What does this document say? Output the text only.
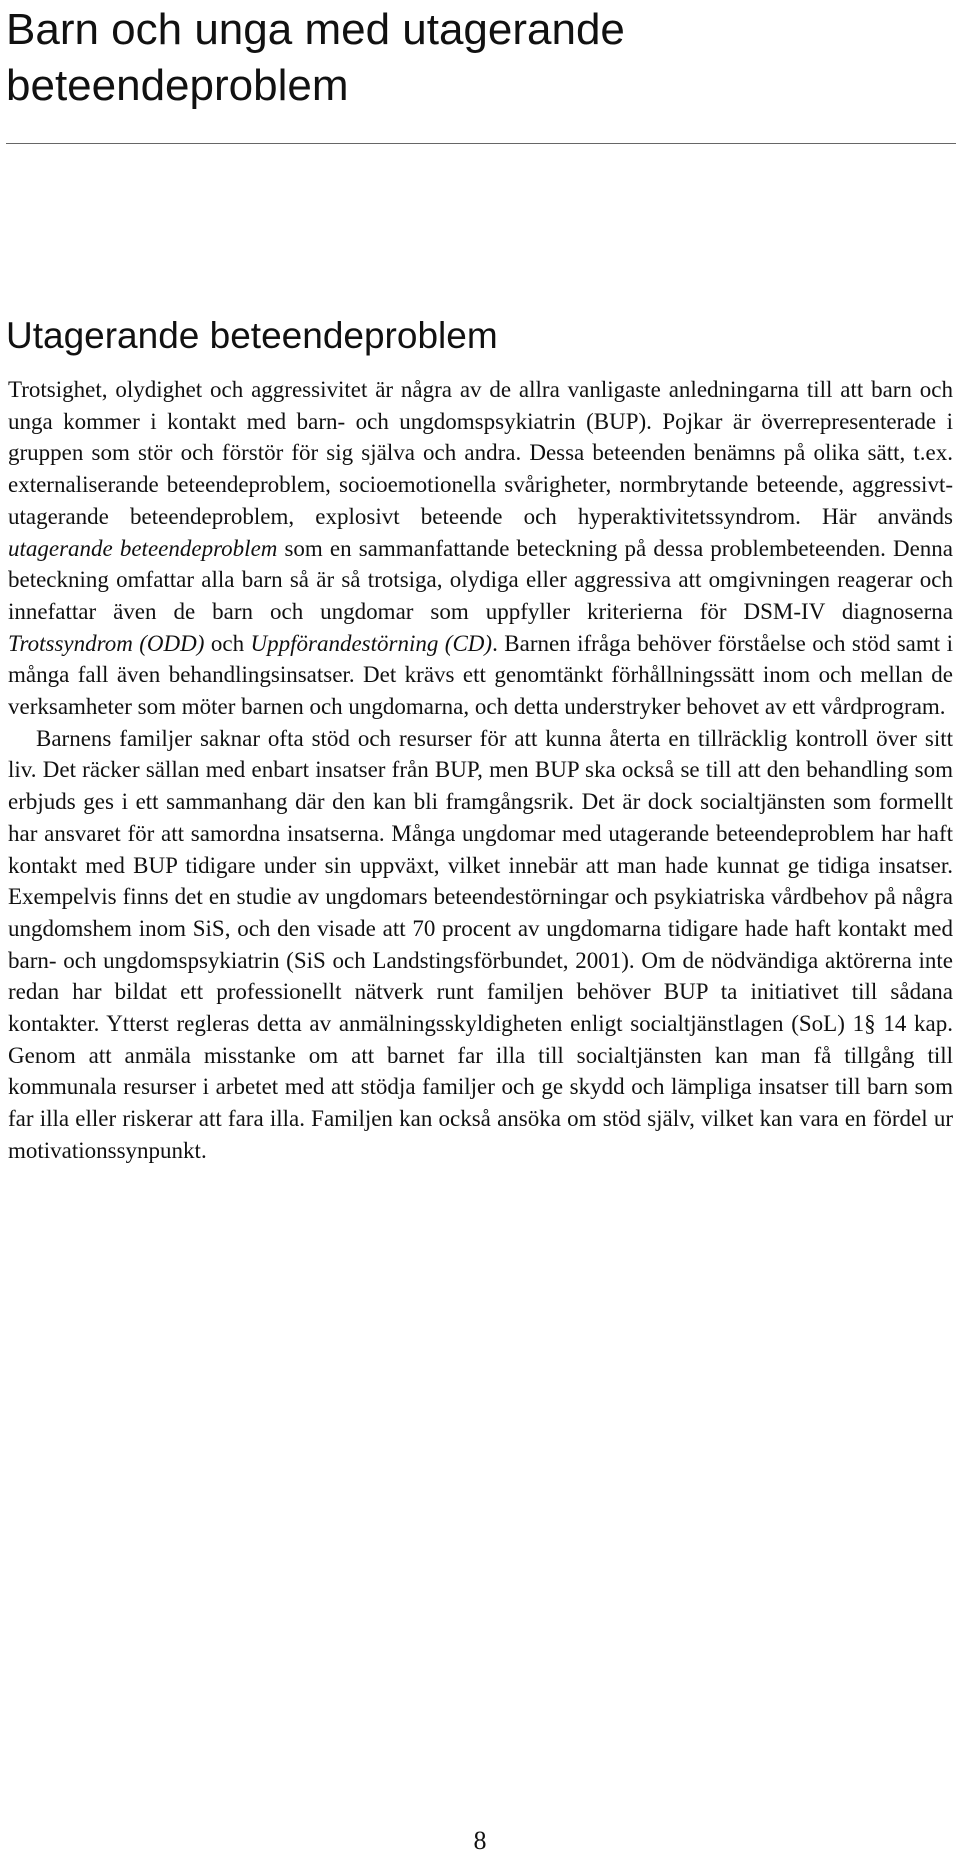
Barn och unga med utagerande beteendeproblem
Utagerande beteendeproblem

Trotsighet, olydighet och aggressivitet är några av de allra vanligaste anledningarna till att barn och unga kommer i kontakt med barn- och ungdomspsykiatrin (BUP). Pojkar är överrepresenterade i gruppen som stör och förstör för sig själva och andra. Dessa beteenden benämns på olika sätt, t.ex. externaliserande beteendeproblem, socioemotionella svårigheter, normbrytande beteende, aggressivt-utagerande beteendeproblem, explosivt beteende och hyperaktivitetssyndrom. Här används utagerande beteendeproblem som en sammanfattande beteckning på dessa problembeteenden. Denna beteckning omfattar alla barn så är så trotsiga, olydiga eller aggressiva att omgivningen reagerar och innefattar även de barn och ungdomar som uppfyller kriterierna för DSM-IV diagnoserna Trotssyndrom (ODD) och Uppförandestörning (CD). Barnen ifråga behöver förståelse och stöd samt i många fall även behandlingsinsatser. Det krävs ett genomtänkt förhållningssätt inom och mellan de verksamheter som möter barnen och ungdomarna, och detta understryker behovet av ett vårdprogram.

Barnens familjer saknar ofta stöd och resurser för att kunna återta en tillräcklig kontroll över sitt liv. Det räcker sällan med enbart insatser från BUP, men BUP ska också se till att den behandling som erbjuds ges i ett sammanhang där den kan bli framgångsrik. Det är dock socialtjänsten som formellt har ansvaret för att samordna insatserna. Många ungdomar med utagerande beteendeproblem har haft kontakt med BUP tidigare under sin uppväxt, vilket innebär att man hade kunnat ge tidiga insatser. Exempelvis finns det en studie av ungdomars beteendestörningar och psykiatriska vårdbehov på några ungdomshem inom SiS, och den visade att 70 procent av ungdomarna tidigare hade haft kontakt med barn- och ungdomspsykiatrin (SiS och Landstingsförbundet, 2001). Om de nödvändiga aktörerna inte redan har bildat ett professionellt nätverk runt familjen behöver BUP ta initiativet till sådana kontakter. Ytterst regleras detta av anmälningsskyldigheten enligt socialtjänstlagen (SoL) 1§ 14 kap. Genom att anmäla misstanke om att barnet far illa till socialtjänsten kan man få tillgång till kommunala resurser i arbetet med att stödja familjer och ge skydd och lämpliga insatser till barn som far illa eller riskerar att fara illa. Familjen kan också ansöka om stöd själv, vilket kan vara en fördel ur motivationssynpunkt.

8
